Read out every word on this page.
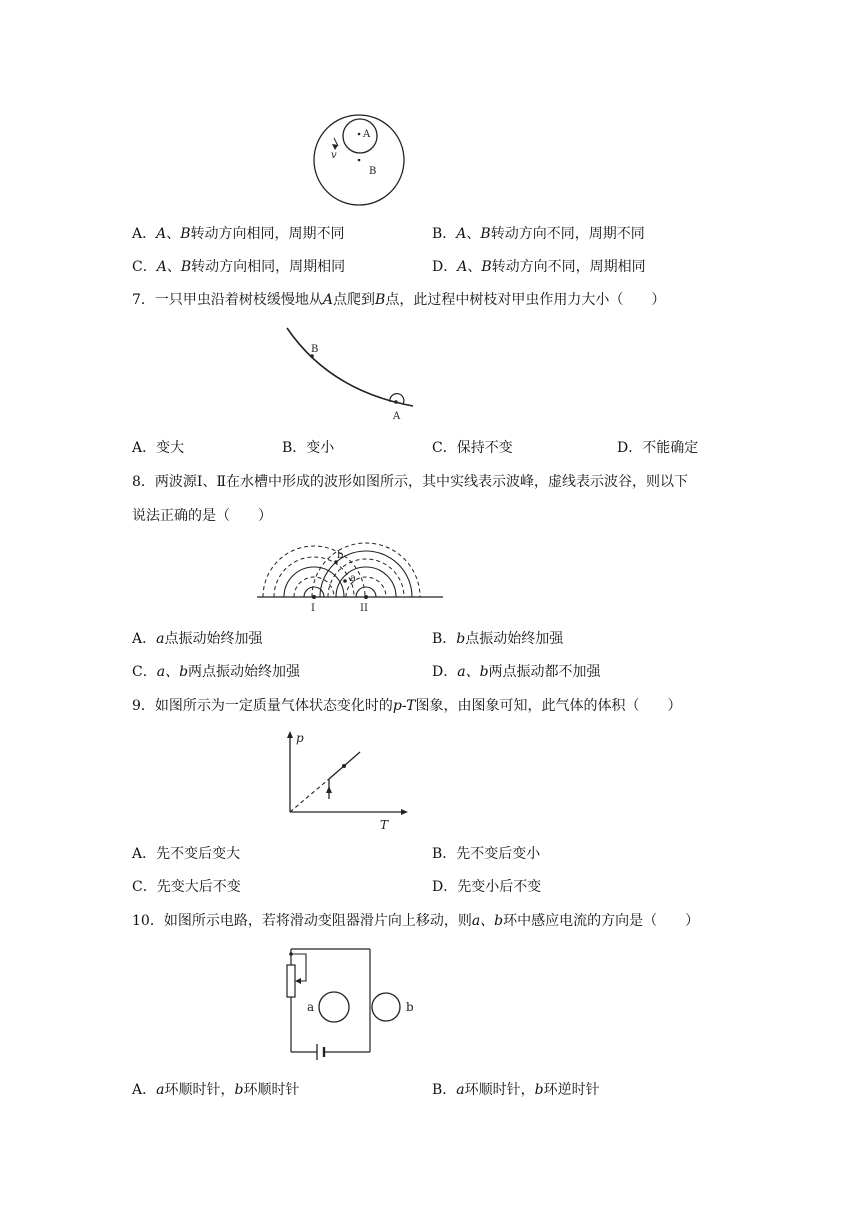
A
B
v
A．A、B转动方向相同，周期不同	B．A、B转动方向不同，周期不同
C．A、B转动方向相同，周期相同	D．A、B转动方向不同，周期相同
7．一只甲虫沿着树枝缓慢地从A点爬到B点，此过程中树枝对甲虫作用力大小（　　）
B
A
A．变大	B．变小	C．保持不变	D．不能确定
8．两波源Ⅰ、Ⅱ在水槽中形成的波形如图所示，其中实线表示波峰，虚线表示波谷，则以下
说法正确的是（　　）
I	II
a
b
A．a点振动始终加强	B．b点振动始终加强
C．a、b两点振动始终加强	D．a、b两点振动都不加强
9．如图所示为一定质量气体状态变化时的p-T图象，由图象可知，此气体的体积（　　）
p
T
A．先不变后变大	B．先不变后变小
C．先变大后不变	D．先变小后不变
10．如图所示电路，若将滑动变阻器滑片向上移动，则a、b环中感应电流的方向是（　　）
a	b
A．a环顺时针，b环顺时针	B．a环顺时针，b环逆时针
